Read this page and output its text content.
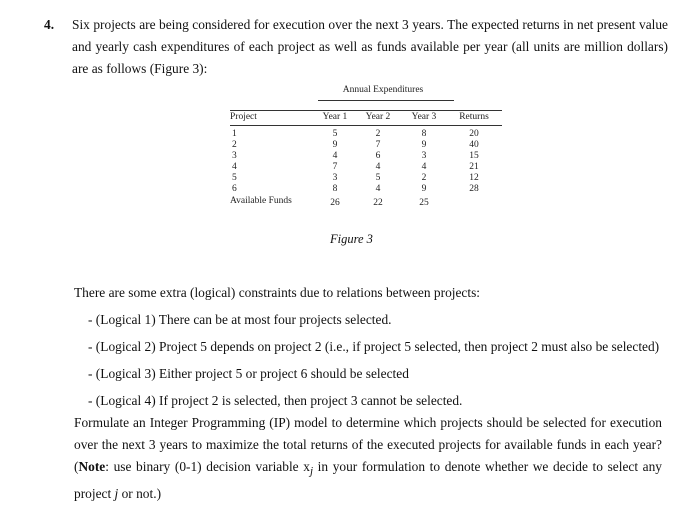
4. Six projects are being considered for execution over the next 3 years. The expected returns in net present value and yearly cash expenditures of each project as well as funds available per year (all units are million dollars) are as follows (Figure 3):
Annual Expenditures
Project	Year 1	Year 2	Year 3	Returns
1	5	2	8	20
2	9	7	9	40
3	4	6	3	15
4	7	4	4	21
5	3	5	2	12
6	8	4	9	28
Available Funds	26	22	25
Figure 3

There are some extra (logical) constraints due to relations between projects:

- (Logical 1) There can be at most four projects selected.

- (Logical 2) Project 5 depends on project 2 (i.e., if project 5 selected, then project 2 must also be selected)

- (Logical 3) Either project 5 or project 6 should be selected

- (Logical 4) If project 2 is selected, then project 3 cannot be selected.

Formulate an Integer Programming (IP) model to determine which projects should be selected for execution over the next 3 years to maximize the total returns of the executed projects for available funds in each year? (Note: use binary (0-1) decision variable $x_j$ in your formulation to denote whether we decide to select any project j or not.)
